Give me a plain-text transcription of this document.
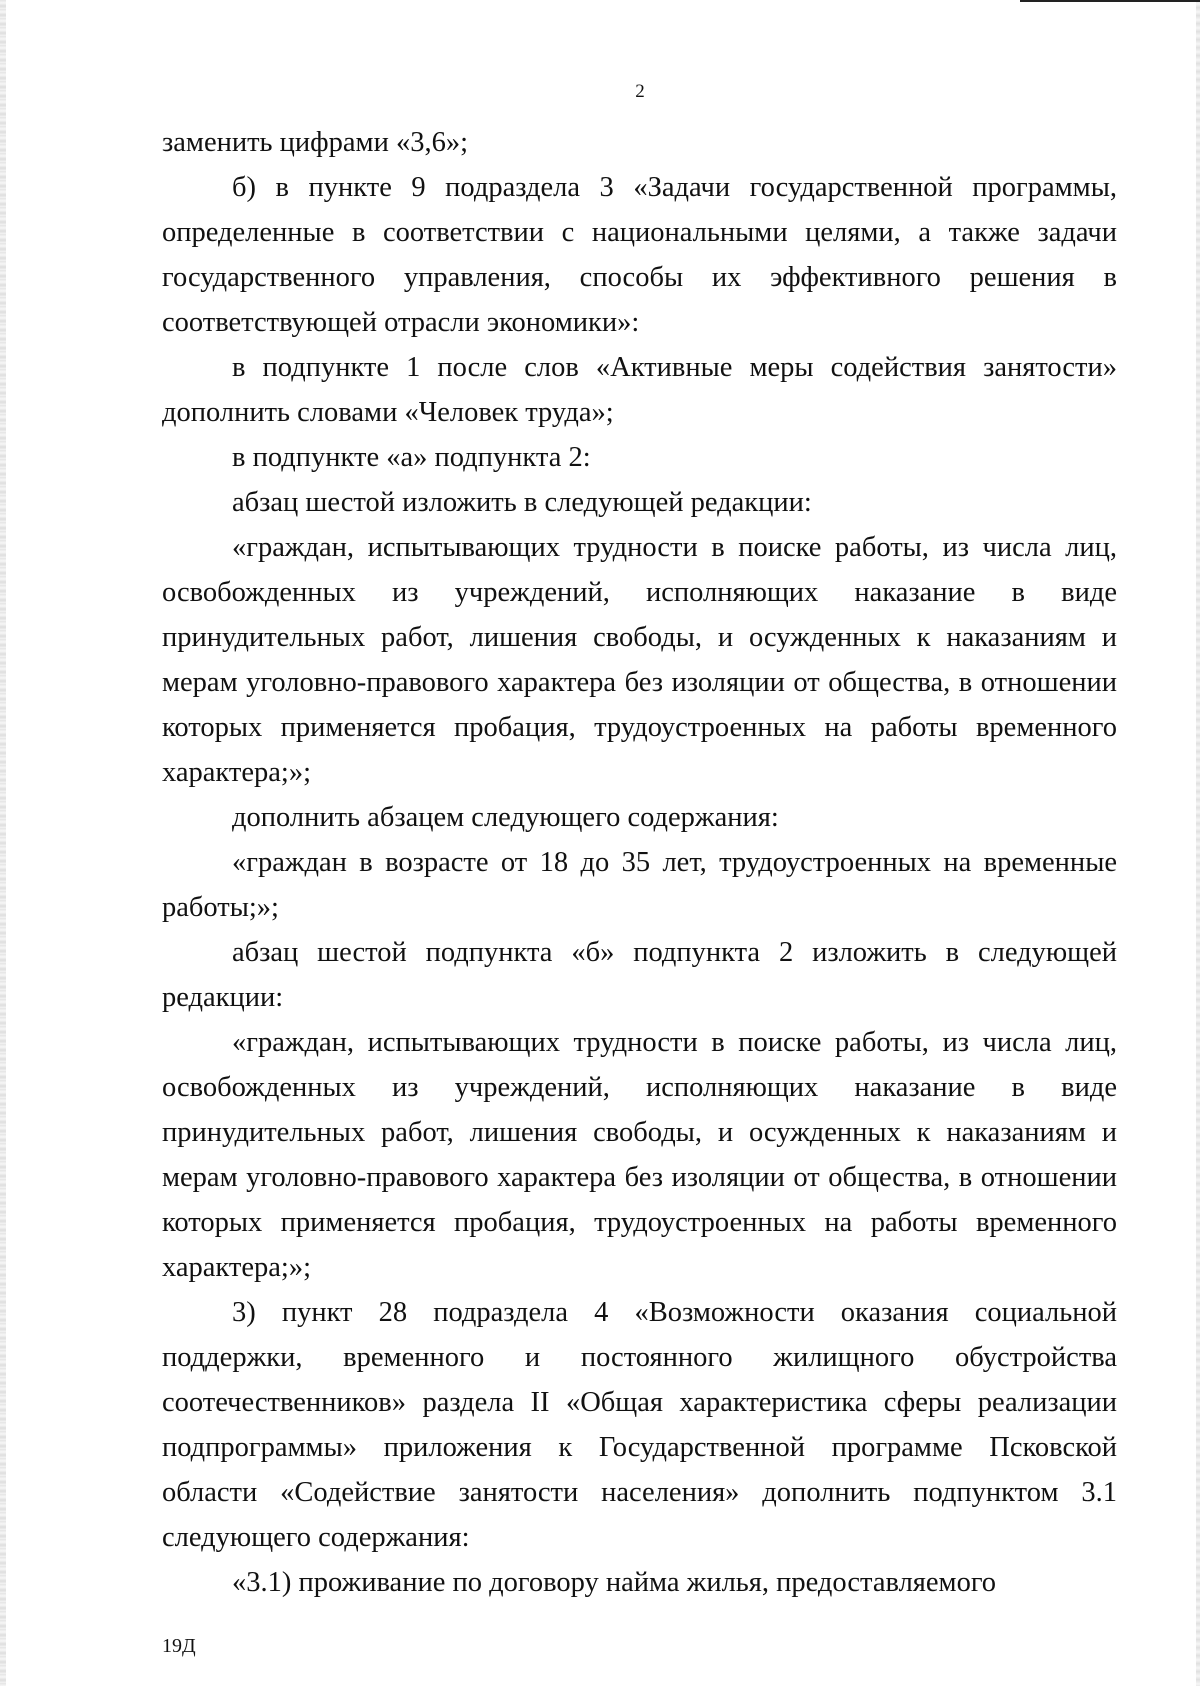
2

заменить цифрами «3,6»;

б) в пункте 9 подраздела 3 «Задачи государственной программы, определенные в соответствии с национальными целями, а также задачи государственного управления, способы их эффективного решения в соответствующей отрасли экономики»:

в подпункте 1 после слов «Активные меры содействия занятости» дополнить словами «Человек труда»;

в подпункте «а» подпункта 2:

абзац шестой изложить в следующей редакции:

«граждан, испытывающих трудности в поиске работы, из числа лиц, освобожденных из учреждений, исполняющих наказание в виде принудительных работ, лишения свободы, и осужденных к наказаниям и мерам уголовно-правового характера без изоляции от общества, в отношении которых применяется пробация, трудоустроенных на работы временного характера;»;

дополнить абзацем следующего содержания:

«граждан в возрасте от 18 до 35 лет, трудоустроенных на временные работы;»;

абзац шестой подпункта «б» подпункта 2 изложить в следующей редакции:

«граждан, испытывающих трудности в поиске работы, из числа лиц, освобожденных из учреждений, исполняющих наказание в виде принудительных работ, лишения свободы, и осужденных к наказаниям и мерам уголовно-правового характера без изоляции от общества, в отношении которых применяется пробация, трудоустроенных на работы временного характера;»;

3) пункт 28 подраздела 4 «Возможности оказания социальной поддержки, временного и постоянного жилищного обустройства соотечественников» раздела II «Общая характеристика сферы реализации подпрограммы» приложения к Государственной программе Псковской области «Содействие занятости населения» дополнить подпунктом 3.1 следующего содержания:

«3.1) проживание по договору найма жилья, предоставляемого

19Д
